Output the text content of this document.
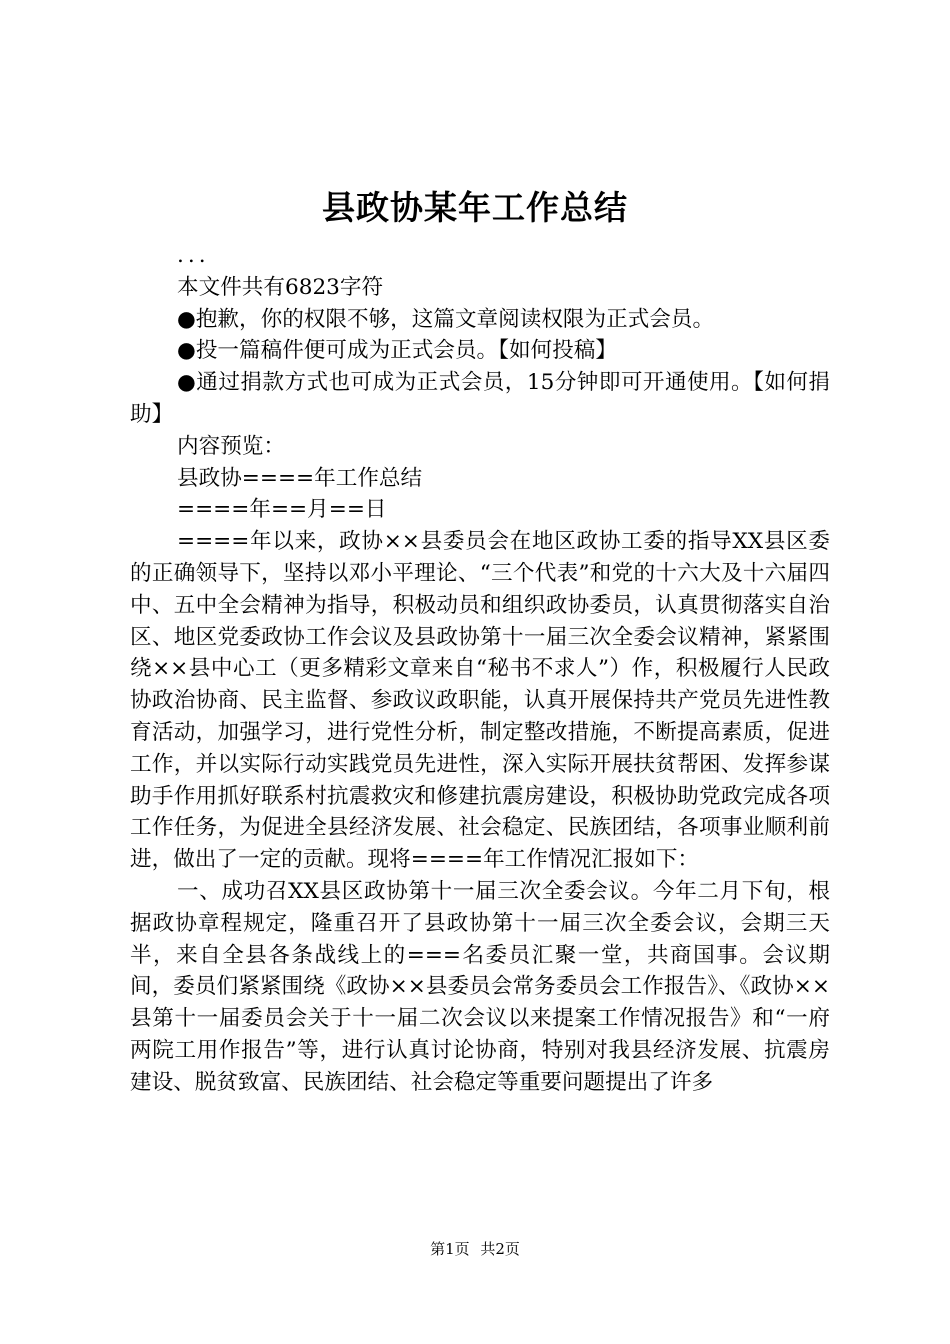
县政协某年工作总结

...

本文件共有6823字符

●抱歉，你的权限不够，这篇文章阅读权限为正式会员。

●投一篇稿件便可成为正式会员。【如何投稿】

●通过捐款方式也可成为正式会员，15分钟即可开通使用。【如何捐助】

内容预览：

县政协====年工作总结

====年==月==日

====年以来，政协××县委员会在地区政协工委的指导XX县区委的正确领导下，坚持以邓小平理论、“三个代表”和党的十六大及十六届四中、五中全会精神为指导，积极动员和组织政协委员，认真贯彻落实自治区、地区党委政协工作会议及县政协第十一届三次全委会议精神，紧紧围绕××县中心工（更多精彩文章来自“秘书不求人”）作，积极履行人民政协政治协商、民主监督、参政议政职能，认真开展保持共产党员先进性教育活动，加强学习，进行党性分析，制定整改措施，不断提高素质，促进工作，并以实际行动实践党员先进性，深入实际开展扶贫帮困、发挥参谋助手作用抓好联系村抗震救灾和修建抗震房建设，积极协助党政完成各项工作任务，为促进全县经济发展、社会稳定、民族团结，各项事业顺利前进，做出了一定的贡献。现将====年工作情况汇报如下：

一、成功召XX县区政协第十一届三次全委会议。今年二月下旬，根据政协章程规定，隆重召开了县政协第十一届三次全委会议，会期三天半，来自全县各条战线上的===名委员汇聚一堂，共商国事。会议期间，委员们紧紧围绕《政协××县委员会常务委员会工作报告》、《政协××县第十一届委员会关于十一届二次会议以来提案工作情况报告》和“一府两院工用作报告”等，进行认真讨论协商，特别对我县经济发展、抗震房建设、脱贫致富、民族团结、社会稳定等重要问题提出了许多

第1页 共2页
